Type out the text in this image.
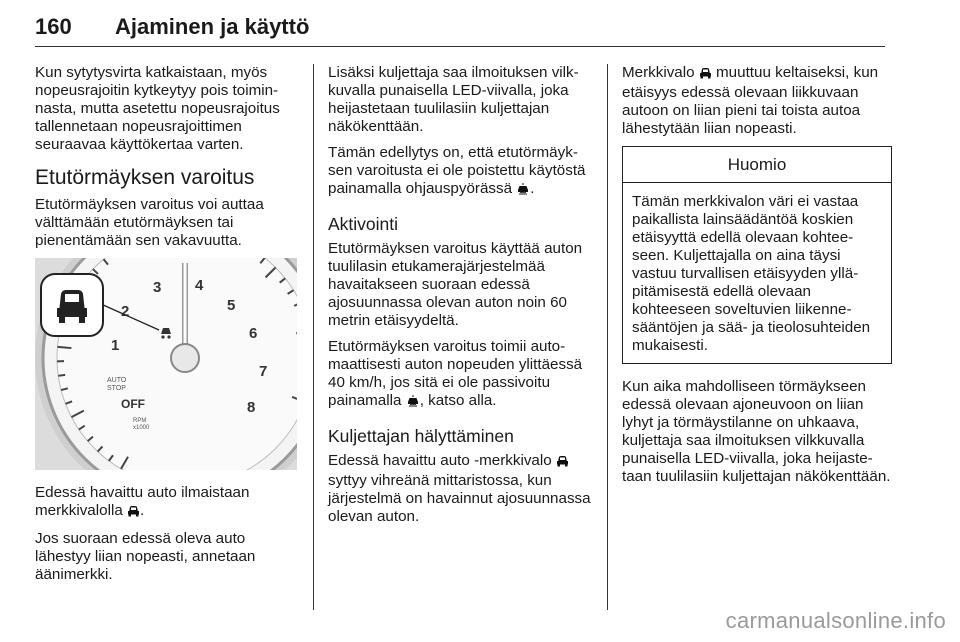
160 Ajaminen ja käyttö

Kun sytytysvirta katkaistaan, myös nopeusrajoitin kytkeytyy pois toiminnasta, mutta asetettu nopeusrajoitus tallennetaan nopeusrajoittimen seuraavaa käyttökertaa varten.

Etutörmäyksen varoitus

Etutörmäyksen varoitus voi auttaa välttämään etutörmäyksen tai pienentämään sen vakavuutta.

1
2
3 4
5
6
7
8
AUTO STOP
OFF
RPM x1000

Edessä havaittu auto ilmaistaan merkkivalolla .

Jos suoraan edessä oleva auto lähestyy liian nopeasti, annetaan äänimerkki.

Lisäksi kuljettaja saa ilmoituksen vilkkuvalla punaisella LED-viivalla, joka heijastetaan tuulilasiin kuljettajan näkökenttään.

Tämän edellytys on, että etutörmäyksen varoitusta ei ole poistettu käytöstä painamalla ohjauspyörässä .

Aktivointi

Etutörmäyksen varoitus käyttää auton tuulilasin etukamerajärjestelmää havaitakseen suoraan edessä ajosuunnassa olevan auton noin 60 metrin etäisyydeltä.

Etutörmäyksen varoitus toimii automaattisesti auton nopeuden ylittäessä 40 km/h, jos sitä ei ole passivoitu painamalla , katso alla.

Kuljettajan hälyttäminen

Edessä havaittu auto -merkkivalo  syttyy vihreänä mittaristossa, kun järjestelmä on havainnut ajosuunnassa olevan auton.

Merkkivalo  muuttuu keltaiseksi, kun etäisyys edessä olevaan liikkuvaan autoon on liian pieni tai toista autoa lähestytään liian nopeasti.

Huomio
Tämän merkkivalon väri ei vastaa paikallista lainsäädäntöä koskien etäisyyttä edellä olevaan kohteeseen. Kuljettajalla on aina täysi vastuu turvallisen etäisyyden ylläpitämisestä edellä olevaan kohteeseen soveltuvien liikennesääntöjen ja sää- ja tieolosuhteiden mukaisesti.

Kun aika mahdolliseen törmäykseen edessä olevaan ajoneuvoon on liian lyhyt ja törmäystilanne on uhkaava, kuljettaja saa ilmoituksen vilkkuvalla punaisella LED-viivalla, joka heijastetaan tuulilasiin kuljettajan näkökenttään.

carmanualsonline.info
